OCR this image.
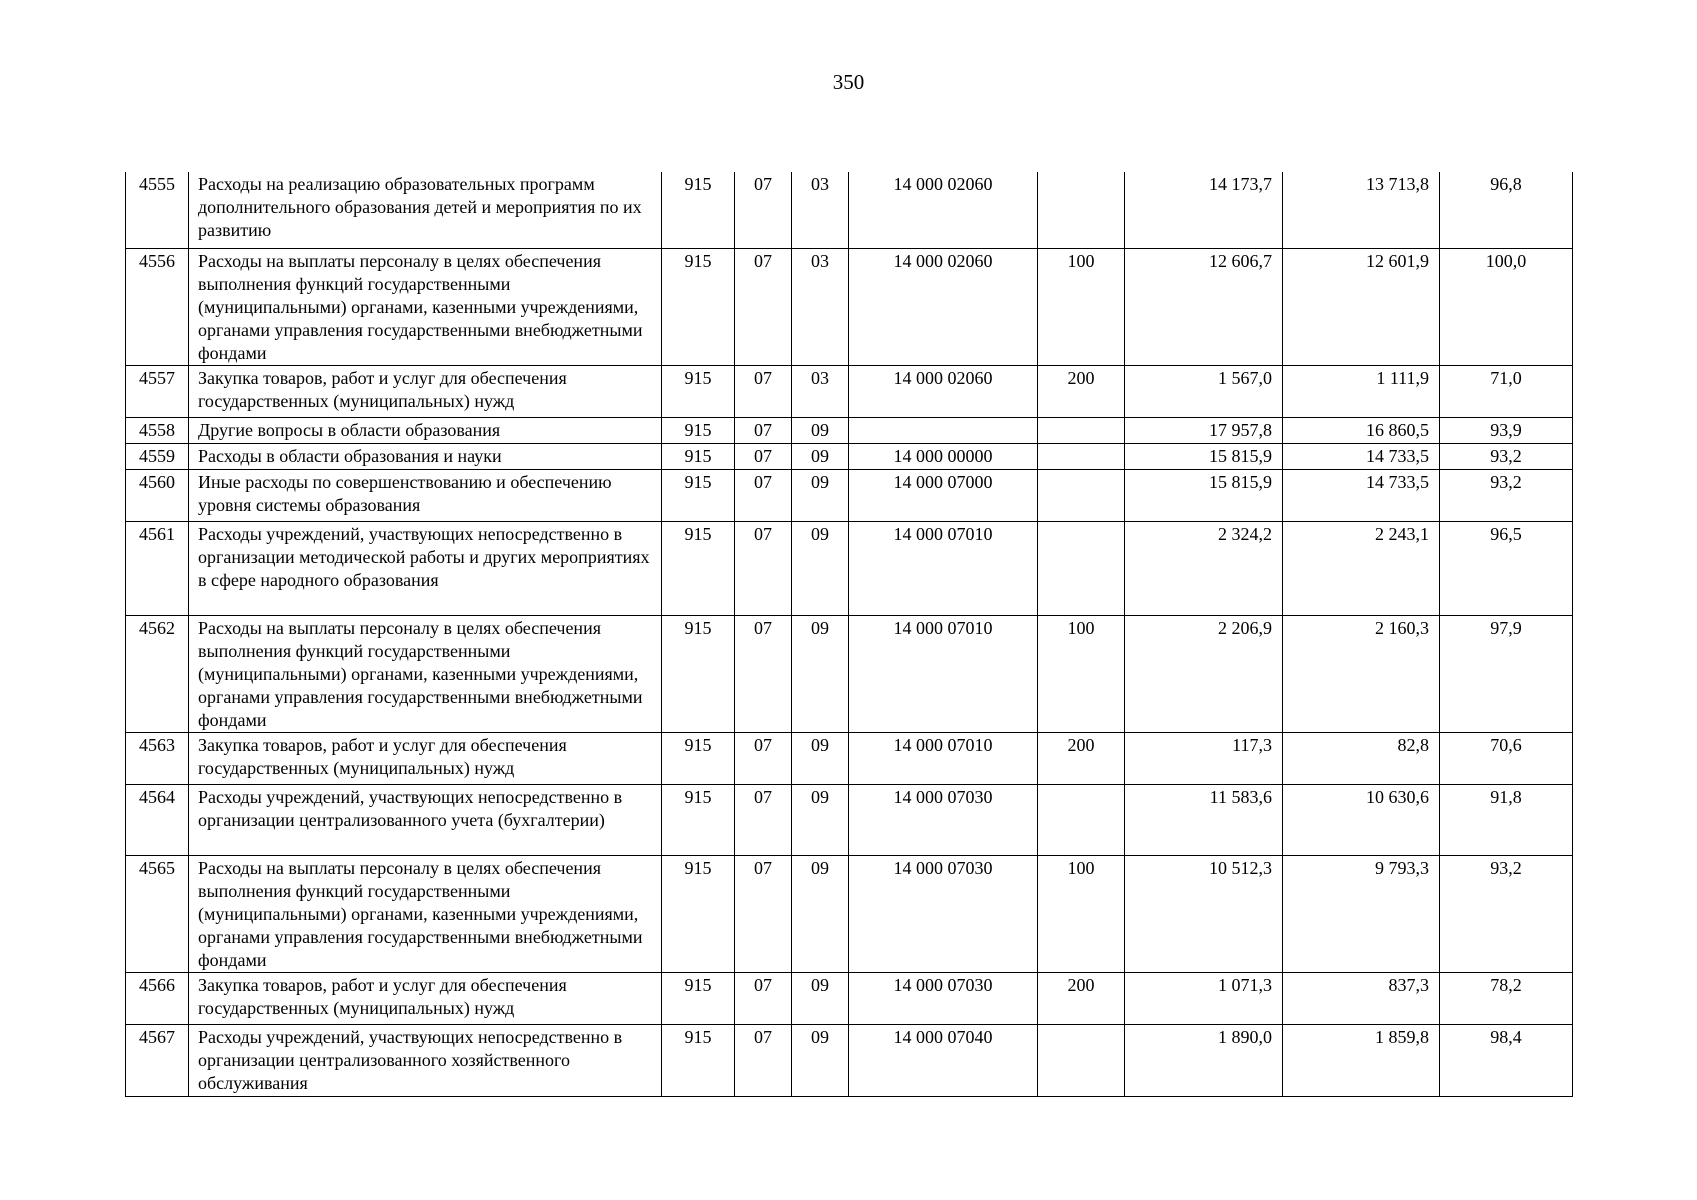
350
4555	Расходы на реализацию образовательных программ дополнительного образования детей и мероприятия по их развитию	915	07	03	14 000 02060		14 173,7	13 713,8	96,8
4556	Расходы на выплаты персоналу в целях обеспечения выполнения функций государственными (муниципальными) органами, казенными учреждениями, органами управления государственными внебюджетными фондами	915	07	03	14 000 02060	100	12 606,7	12 601,9	100,0
4557	Закупка товаров, работ и услуг для обеспечения государственных (муниципальных) нужд	915	07	03	14 000 02060	200	1 567,0	1 111,9	71,0
4558	Другие вопросы в области образования	915	07	09			17 957,8	16 860,5	93,9
4559	Расходы в области образования и науки	915	07	09	14 000 00000		15 815,9	14 733,5	93,2
4560	Иные расходы по совершенствованию и обеспечению уровня системы образования	915	07	09	14 000 07000		15 815,9	14 733,5	93,2
4561	Расходы учреждений, участвующих непосредственно в организации методической работы и других мероприятиях в сфере народного образования	915	07	09	14 000 07010		2 324,2	2 243,1	96,5
4562	Расходы на выплаты персоналу в целях обеспечения выполнения функций государственными (муниципальными) органами, казенными учреждениями, органами управления государственными внебюджетными фондами	915	07	09	14 000 07010	100	2 206,9	2 160,3	97,9
4563	Закупка товаров, работ и услуг для обеспечения государственных (муниципальных) нужд	915	07	09	14 000 07010	200	117,3	82,8	70,6
4564	Расходы учреждений, участвующих непосредственно в организации централизованного учета (бухгалтерии)	915	07	09	14 000 07030		11 583,6	10 630,6	91,8
4565	Расходы на выплаты персоналу в целях обеспечения выполнения функций государственными (муниципальными) органами, казенными учреждениями, органами управления государственными внебюджетными фондами	915	07	09	14 000 07030	100	10 512,3	9 793,3	93,2
4566	Закупка товаров, работ и услуг для обеспечения государственных (муниципальных) нужд	915	07	09	14 000 07030	200	1 071,3	837,3	78,2
4567	Расходы учреждений, участвующих непосредственно в организации централизованного хозяйственного обслуживания	915	07	09	14 000 07040		1 890,0	1 859,8	98,4
